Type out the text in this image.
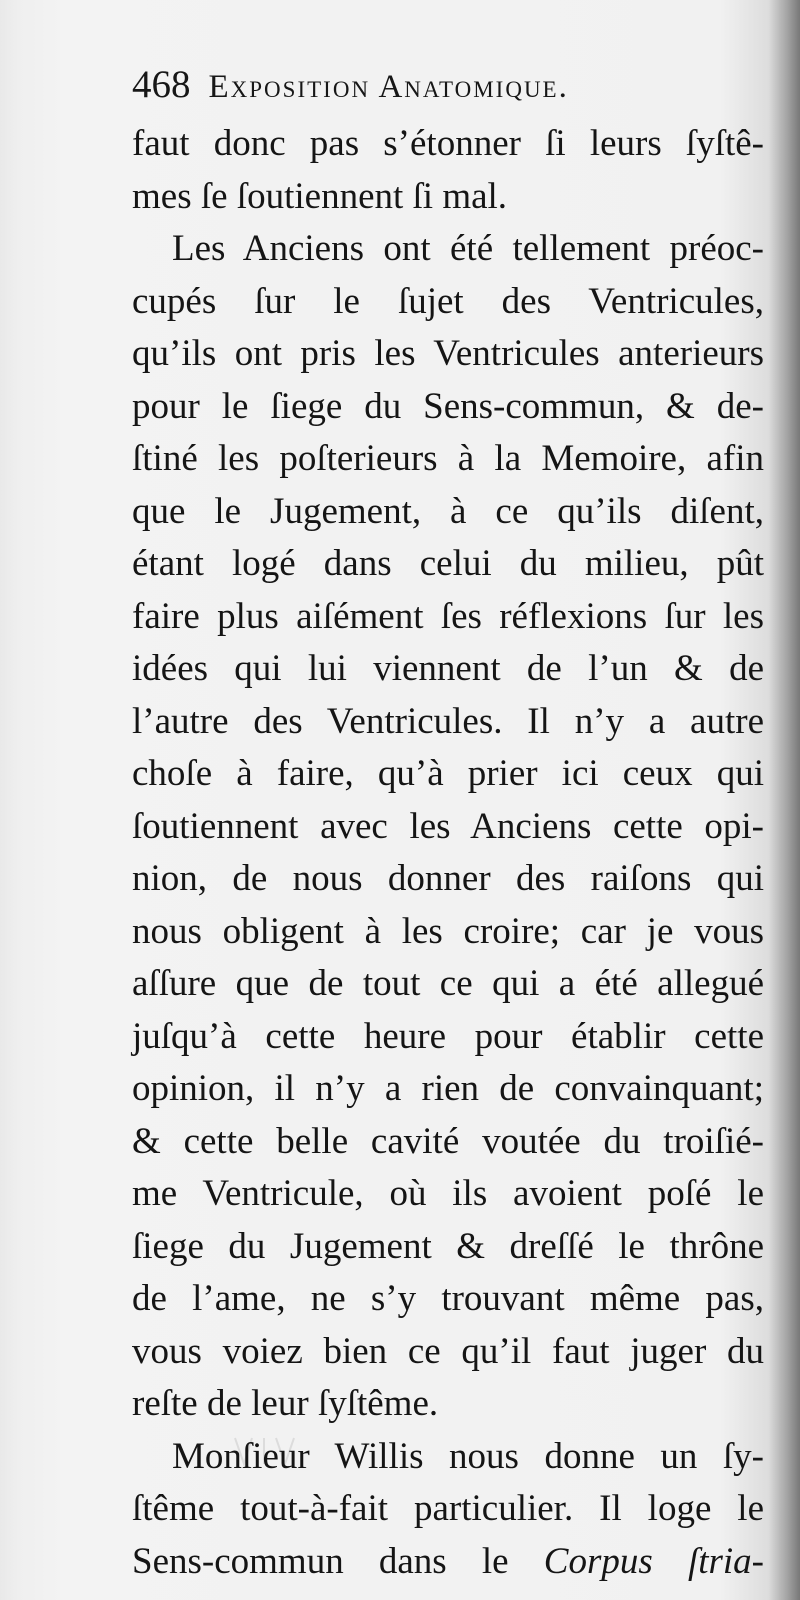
468 Exposition Anatomique.
faut donc pas s’étonner ſi leurs ſyſtê-
mes ſe ſoutiennent ſi mal.
Les Anciens ont été tellement préoc-
cupés ſur le ſujet des Ventricules,
qu’ils ont pris les Ventricules anterieurs
pour le ſiege du Sens-commun, & de-
ſtiné les poſterieurs à la Memoire, afin
que le Jugement, à ce qu’ils diſent,
étant logé dans celui du milieu, pût
faire plus aiſément ſes réflexions ſur les
idées qui lui viennent de l’un & de
l’autre des Ventricules. Il n’y a autre
choſe à faire, qu’à prier ici ceux qui
ſoutiennent avec les Anciens cette opi-
nion, de nous donner des raiſons qui
nous obligent à les croire; car je vous
aſſure que de tout ce qui a été allegué
juſqu’à cette heure pour établir cette
opinion, il n’y a rien de convainquant;
& cette belle cavité voutée du troiſié-
me Ventricule, où ils avoient poſé le
ſiege du Jugement & dreſſé le thrône
de l’ame, ne s’y trouvant même pas,
vous voiez bien ce qu’il faut juger du
reſte de leur ſyſtême.
Monſieur Willis nous donne un ſy-
ſtême tout-à-fait particulier. Il loge le
Sens-commun dans le Corpus ſtria-
